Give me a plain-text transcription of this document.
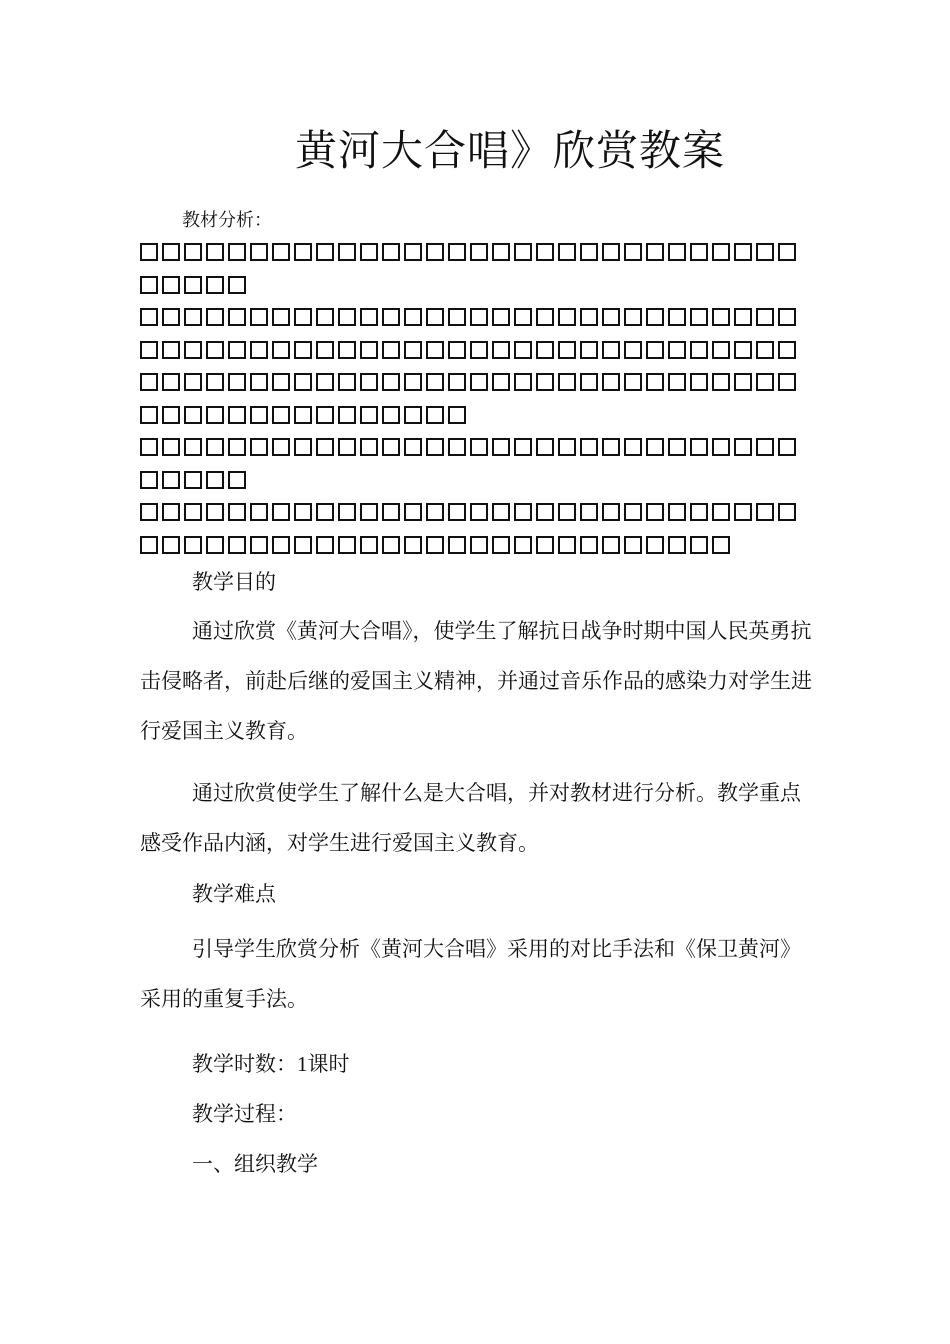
黄河大合唱》欣赏教案
教材分析：
教学目的

通过欣赏《黄河大合唱》，使学生了解抗日战争时期中国人民英勇抗击侵略者，前赴后继的爱国主义精神，并通过音乐作品的感染力对学生进行爱国主义教育。

通过欣赏使学生了解什么是大合唱，并对教材进行分析。教学重点感受作品内涵，对学生进行爱国主义教育。

教学难点

引导学生欣赏分析《黄河大合唱》采用的对比手法和《保卫黄河》采用的重复手法。

教学时数：1课时
教学过程：
一、组织教学
